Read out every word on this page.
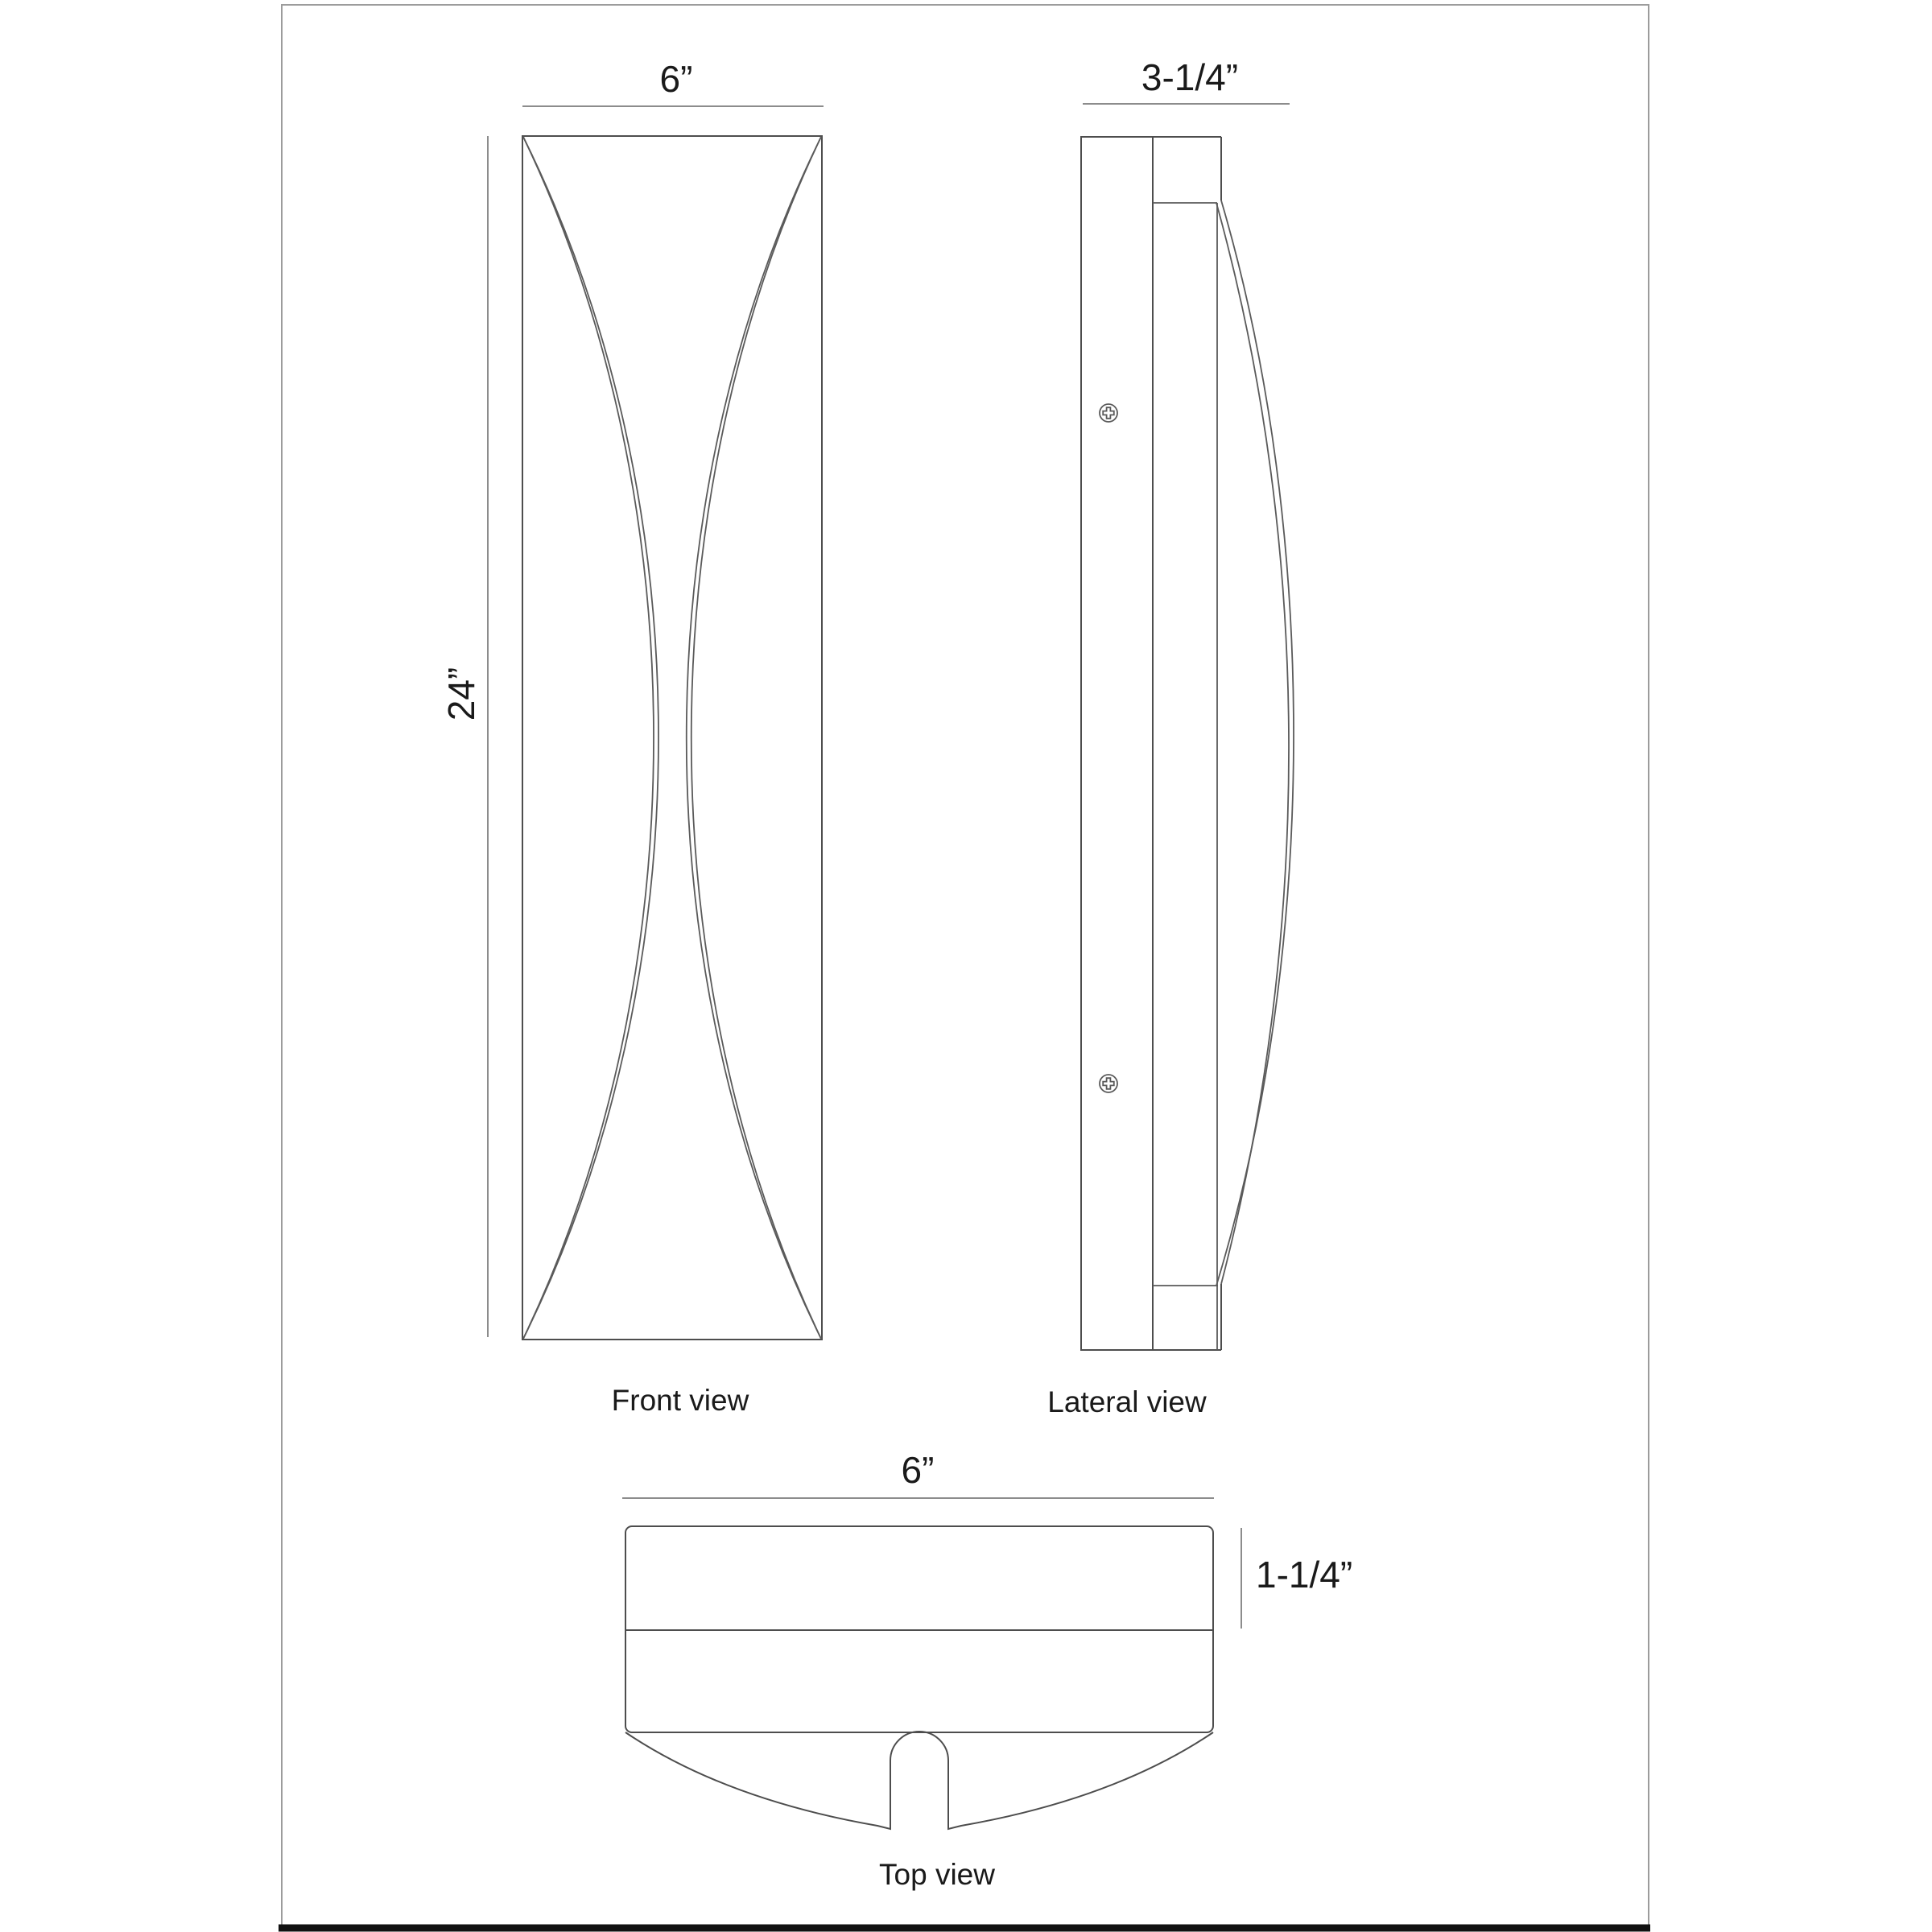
6”
24”
Front view
3-1/4”
Lateral view
6”
1-1/4”
Top view
